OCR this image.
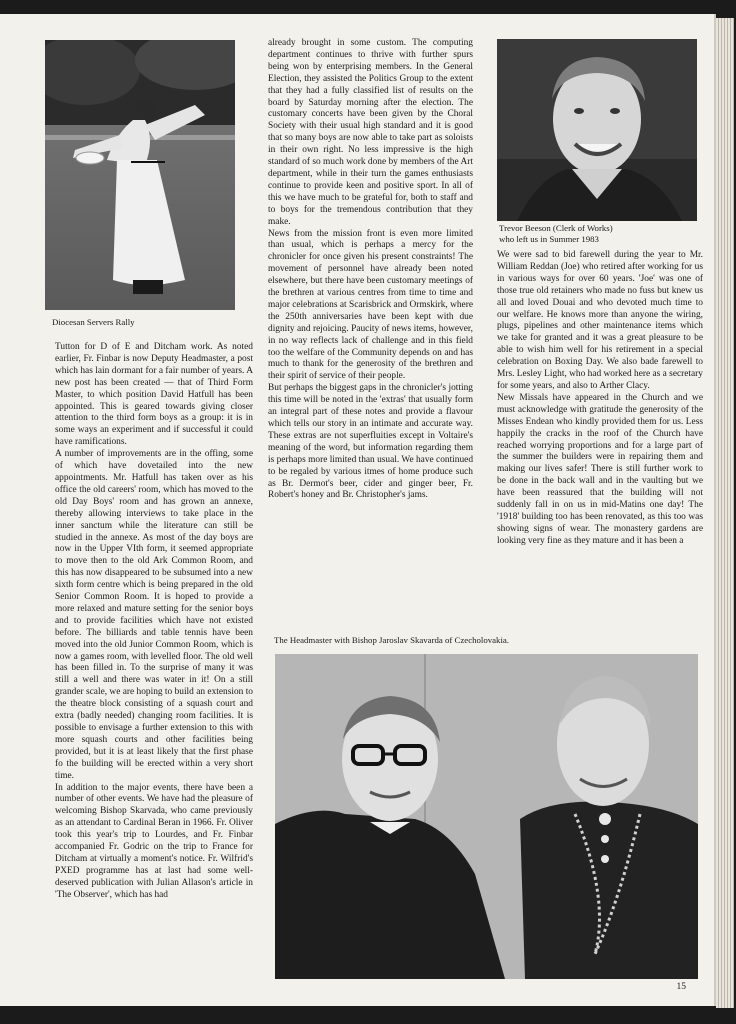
Diocesan Servers Rally

Tutton for D of E and Ditcham work. As noted earlier, Fr. Finbar is now Deputy Headmaster, a post which has lain dormant for a fair number of years. A new post has been created — that of Third Form Master, to which position David Hatfull has been appointed. This is geared towards giving closer attention to the third form boys as a group: it is in some ways an experiment and if successful it could have ramifications.
A number of improvements are in the offing, some of which have dovetailed into the new appointments. Mr. Hatfull has taken over as his office the old careers' room, which has moved to the old Day Boys' room and has grown an annexe, thereby allowing interviews to take place in the inner sanctum while the literature can still be studied in the annexe. As most of the day boys are now in the Upper VIth form, it seemed appropriate to move then to the old Ark Common Room, and this has now disappeared to be subsumed into a new sixth form centre which is being prepared in the old Senior Common Room. It is hoped to provide a more relaxed and mature setting for the senior boys and to provide facilities which have not existed before. The billiards and table tennis have been moved into the old Junior Common Room, which is now a games room, with levelled floor. The old well has been filled in. To the surprise of many it was still a well and there was water in it! On a still grander scale, we are hoping to build an extension to the theatre block consisting of a squash court and extra (badly needed) changing room facilities. It is possible to envisage a further extension to this with more squash courts and other facilities being provided, but it is at least likely that the first phase fo the building will be erected within a very short time.
In addition to the major events, there have been a number of other events. We have had the pleasure of welcoming Bishop Skarvada, who came previously as an attendant to Cardinal Beran in 1966. Fr. Oliver took this year's trip to Lourdes, and Fr. Finbar accompanied Fr. Godric on the trip to France for Ditcham at virtually a moment's notice. Fr. Wilfrid's PXED programme has at last had some well-deserved publication with Julian Allason's article in 'The Observer', which has had

already brought in some custom. The computing department continues to thrive with further spurs being won by enterprising members. In the General Election, they assisted the Politics Group to the extent that they had a fully classified list of results on the board by Saturday morning after the election. The customary concerts have been given by the Choral Society with their usual high standard and it is good that so many boys are now able to take part as soloists in their own right. No less impressive is the high standard of so much work done by members of the Art department, while in their turn the games enthusiasts continue to provide keen and positive sport. In all of this we have much to be grateful for, both to staff and to boys for the tremendous contribution that they make.
News from the mission front is even more limited than usual, which is perhaps a mercy for the chronicler for once given his present constraints! The movement of personnel have already been noted elsewhere, but there have been customary meetings of the brethren at various centres from time to time and major celebrations at Scarisbrick and Ormskirk, where the 250th anniversaries have been kept with due dignity and rejoicing. Paucity of news items, however, in no way reflects lack of challenge and in this field too the welfare of the Community depends on and has much to thank for the generosity of the brethren and their spirit of service of their people.
But perhaps the biggest gaps in the chronicler's jotting this time will be noted in the 'extras' that usually form an integral part of these notes and provide a flavour which tells our story in an intimate and accurate way. These extras are not superfluities except in Voltaire's meaning of the word, but information regarding them is perhaps more limited than usual. We have continued to be regaled by various itmes of home produce such as Br. Dermot's beer, cider and ginger beer, Fr. Robert's honey and Br. Christopher's jams.

Trevor Beeson (Clerk of Works)
who left us in Summer 1983

We were sad to bid farewell during the year to Mr. William Reddan (Joe) who retired after working for us in various ways for over 60 years. 'Joe' was one of those true old retainers who made no fuss but knew us all and loved Douai and who devoted much time to our welfare. He knows more than anyone the wiring, plugs, pipelines and other maintenance items which we take for granted and it was a great pleasure to be able to wish him well for his retirement in a special celebration on Boxing Day. We also bade farewell to Mrs. Lesley Light, who had worked here as a secretary for some years, and also to Arther Clacy.
New Missals have appeared in the Church and we must acknowledge with gratitude the generosity of the Misses Endean who kindly provided them for us. Less happily the cracks in the roof of the Church have reached worrying proportions and for a large part of the summer the builders were in repairing them and making our lives safer! There is still further work to be done in the back wall and in the vaulting but we have been reassured that the building will not suddenly fall in on us in mid-Matins one day! The '1918' building too has been renovated, as this too was showing signs of wear. The monastery gardens are looking very fine as they mature and it has been a

The Headmaster with Bishop Jaroslav Skavarda of Czecholovakia.

15
